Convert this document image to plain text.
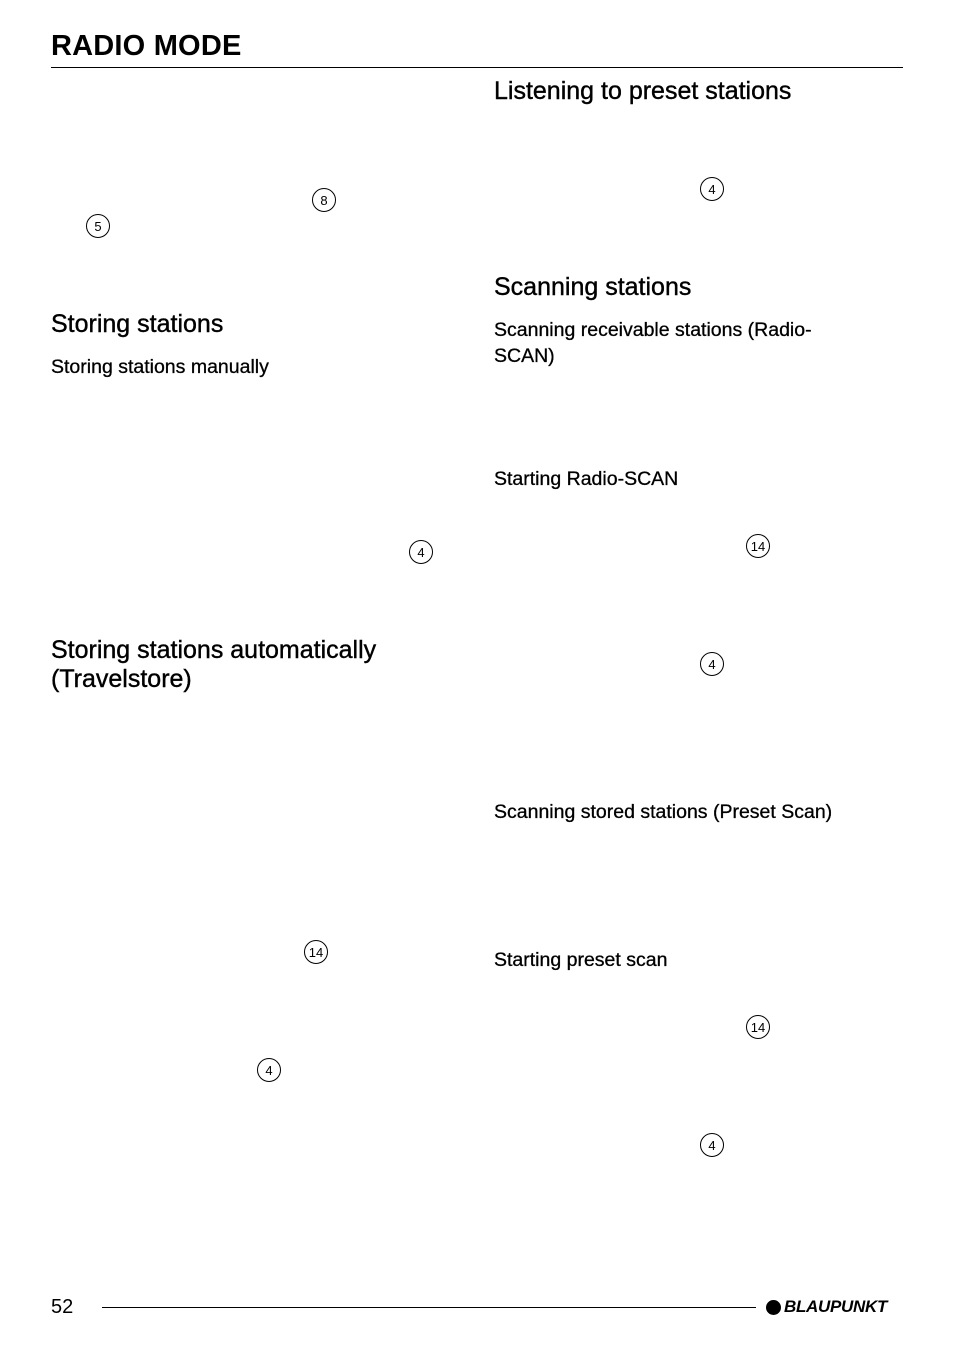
RADIO MODE
8
5
Storing stations
Storing stations manually
4
Storing stations automatically
(Travelstore)
14
4
Listening to preset stations
4
Scanning stations
Scanning receivable stations (Radio-
SCAN)
Starting Radio-SCAN
14
4
Scanning stored stations (Preset Scan)
Starting preset scan
14
4
52	BLAUPUNKT
